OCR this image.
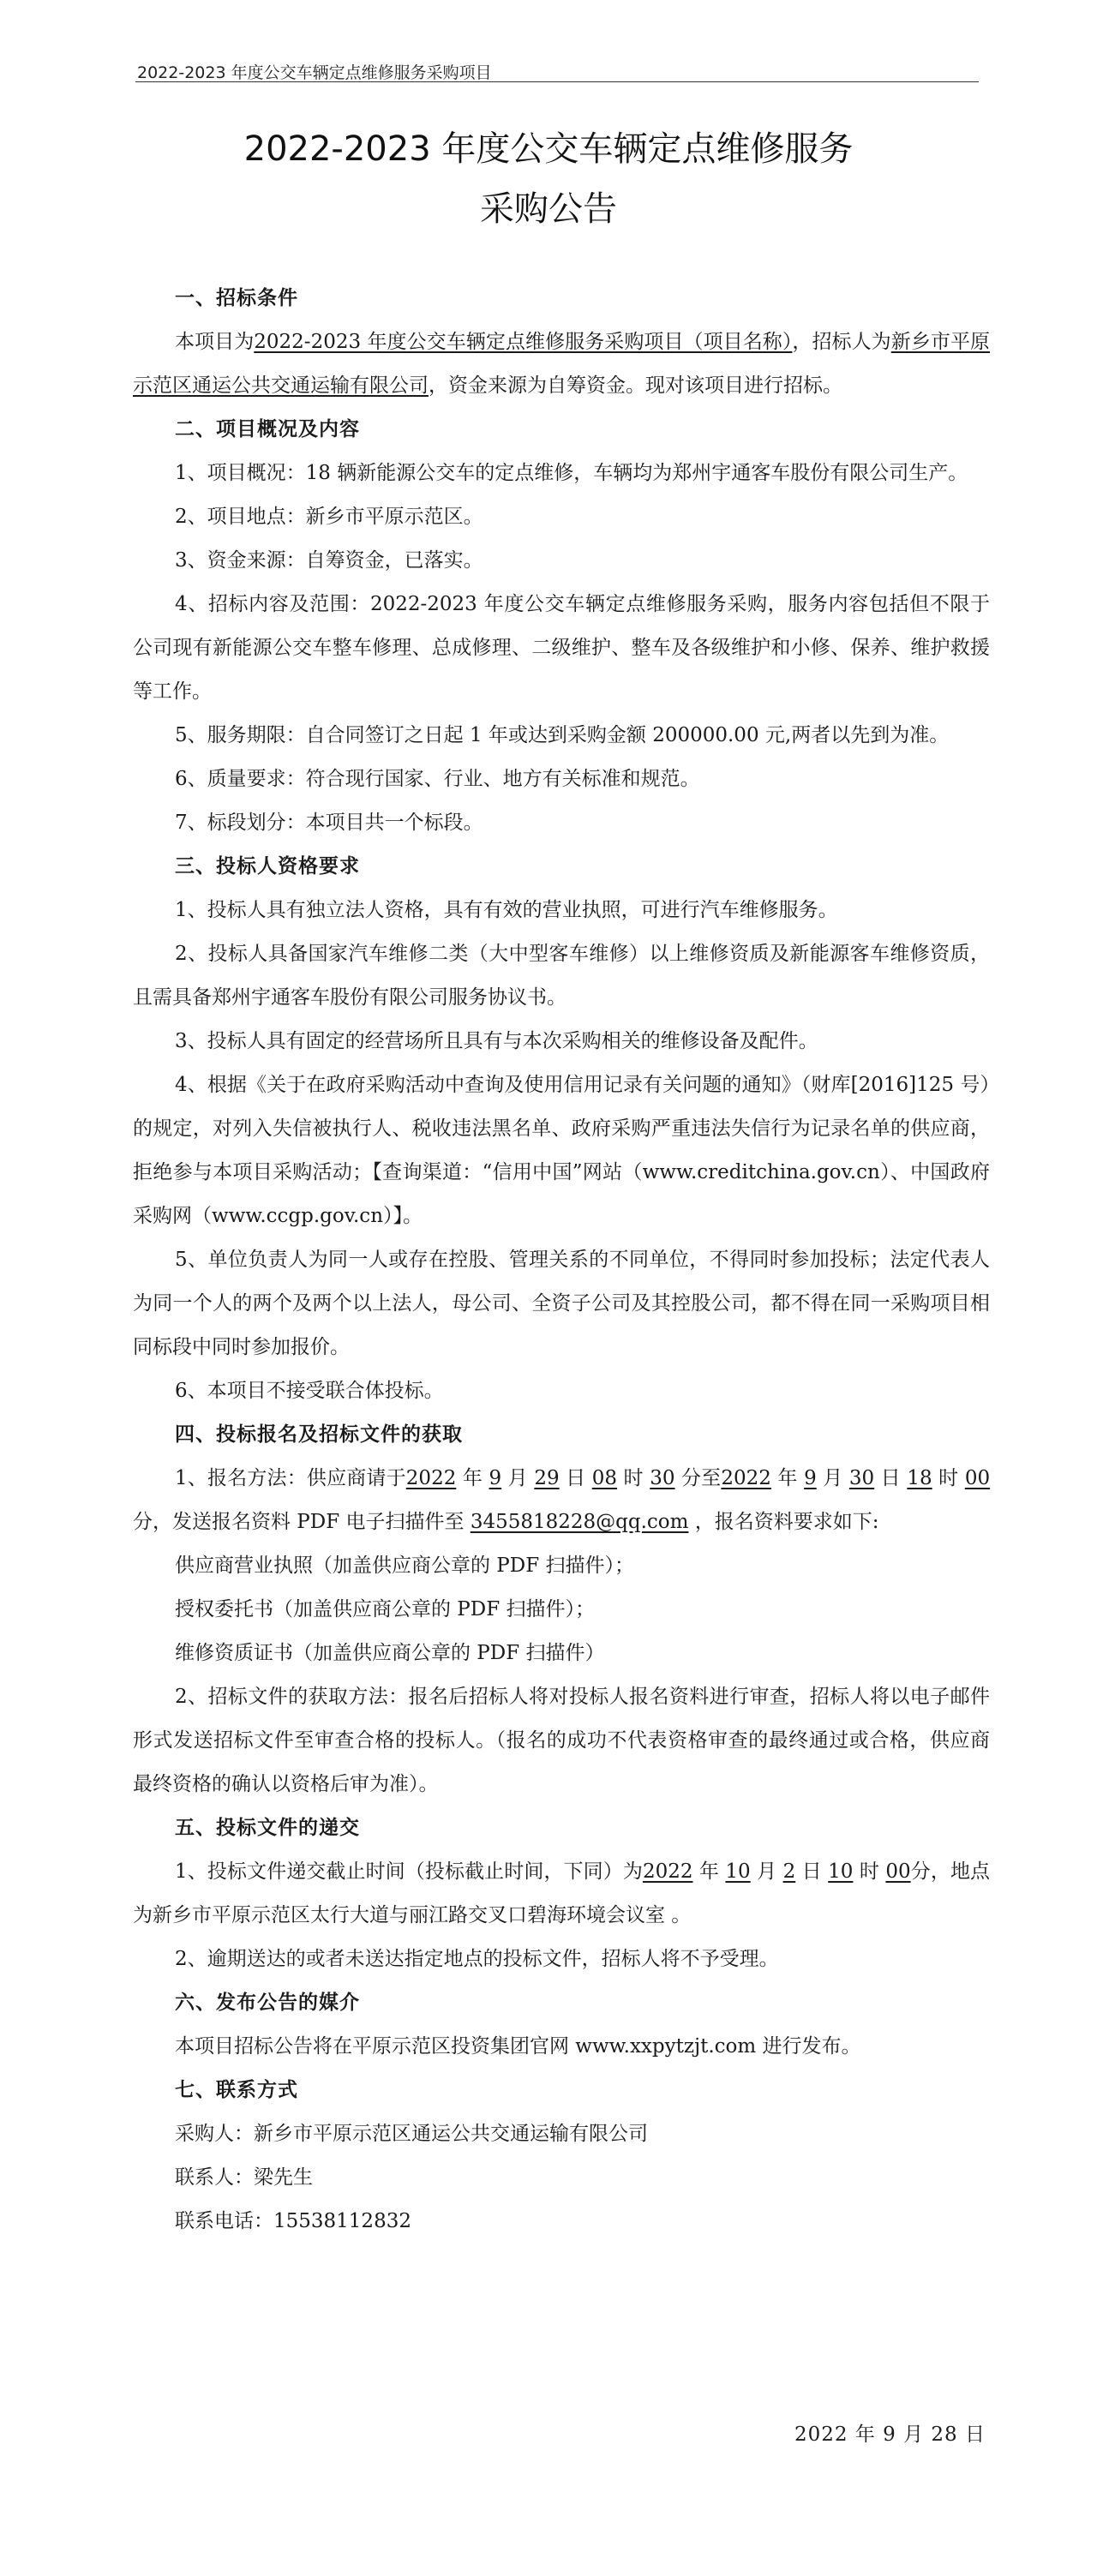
2022-2023 年度公交车辆定点维修服务采购项目
2022-2023 年度公交车辆定点维修服务
采购公告

一、招标条件

本项目为2022-2023 年度公交车辆定点维修服务采购项目（项目名称），招标人为新乡市平原示范区通运公共交通运输有限公司，资金来源为自筹资金。现对该项目进行招标。

二、项目概况及内容

1、项目概况：18 辆新能源公交车的定点维修，车辆均为郑州宇通客车股份有限公司生产。

2、项目地点：新乡市平原示范区。

3、资金来源：自筹资金，已落实。

4、招标内容及范围：2022-2023 年度公交车辆定点维修服务采购，服务内容包括但不限于公司现有新能源公交车整车修理、总成修理、二级维护、整车及各级维护和小修、保养、维护救援等工作。

5、服务期限：自合同签订之日起 1 年或达到采购金额 200000.00 元,两者以先到为准。

6、质量要求：符合现行国家、行业、地方有关标准和规范。

7、标段划分：本项目共一个标段。

三、投标人资格要求

1、投标人具有独立法人资格，具有有效的营业执照，可进行汽车维修服务。

2、投标人具备国家汽车维修二类（大中型客车维修）以上维修资质及新能源客车维修资质，且需具备郑州宇通客车股份有限公司服务协议书。

3、投标人具有固定的经营场所且具有与本次采购相关的维修设备及配件。

4、根据《关于在政府采购活动中查询及使用信用记录有关问题的通知》（财库[2016]125 号）的规定，对列入失信被执行人、税收违法黑名单、政府采购严重违法失信行为记录名单的供应商，拒绝参与本项目采购活动；【查询渠道：“信用中国”网站（www.creditchina.gov.cn）、中国政府采购网（www.ccgp.gov.cn）】。

5、单位负责人为同一人或存在控股、管理关系的不同单位，不得同时参加投标；法定代表人为同一个人的两个及两个以上法人，母公司、全资子公司及其控股公司，都不得在同一采购项目相同标段中同时参加报价。

6、本项目不接受联合体投标。

四、投标报名及招标文件的获取

1、报名方法：供应商请于2022 年 9 月 29 日 08 时 30 分至2022 年 9 月 30 日 18 时 00 分，发送报名资料 PDF 电子扫描件至 3455818228@qq.com ，报名资料要求如下:

供应商营业执照（加盖供应商公章的 PDF 扫描件）；

授权委托书（加盖供应商公章的 PDF 扫描件）；

维修资质证书（加盖供应商公章的 PDF 扫描件）

2、招标文件的获取方法：报名后招标人将对投标人报名资料进行审查，招标人将以电子邮件形式发送招标文件至审查合格的投标人。（报名的成功不代表资格审查的最终通过或合格，供应商最终资格的确认以资格后审为准）。

五、投标文件的递交

1、投标文件递交截止时间（投标截止时间，下同）为2022 年 10 月 2 日 10 时 00分，地点为新乡市平原示范区太行大道与丽江路交叉口碧海环境会议室 。

2、逾期送达的或者未送达指定地点的投标文件，招标人将不予受理。

六、发布公告的媒介

本项目招标公告将在平原示范区投资集团官网 www.xxpytzjt.com 进行发布。

七、联系方式

采购人：新乡市平原示范区通运公共交通运输有限公司

联系人：梁先生

联系电话：15538112832

2022 年 9 月 28 日
